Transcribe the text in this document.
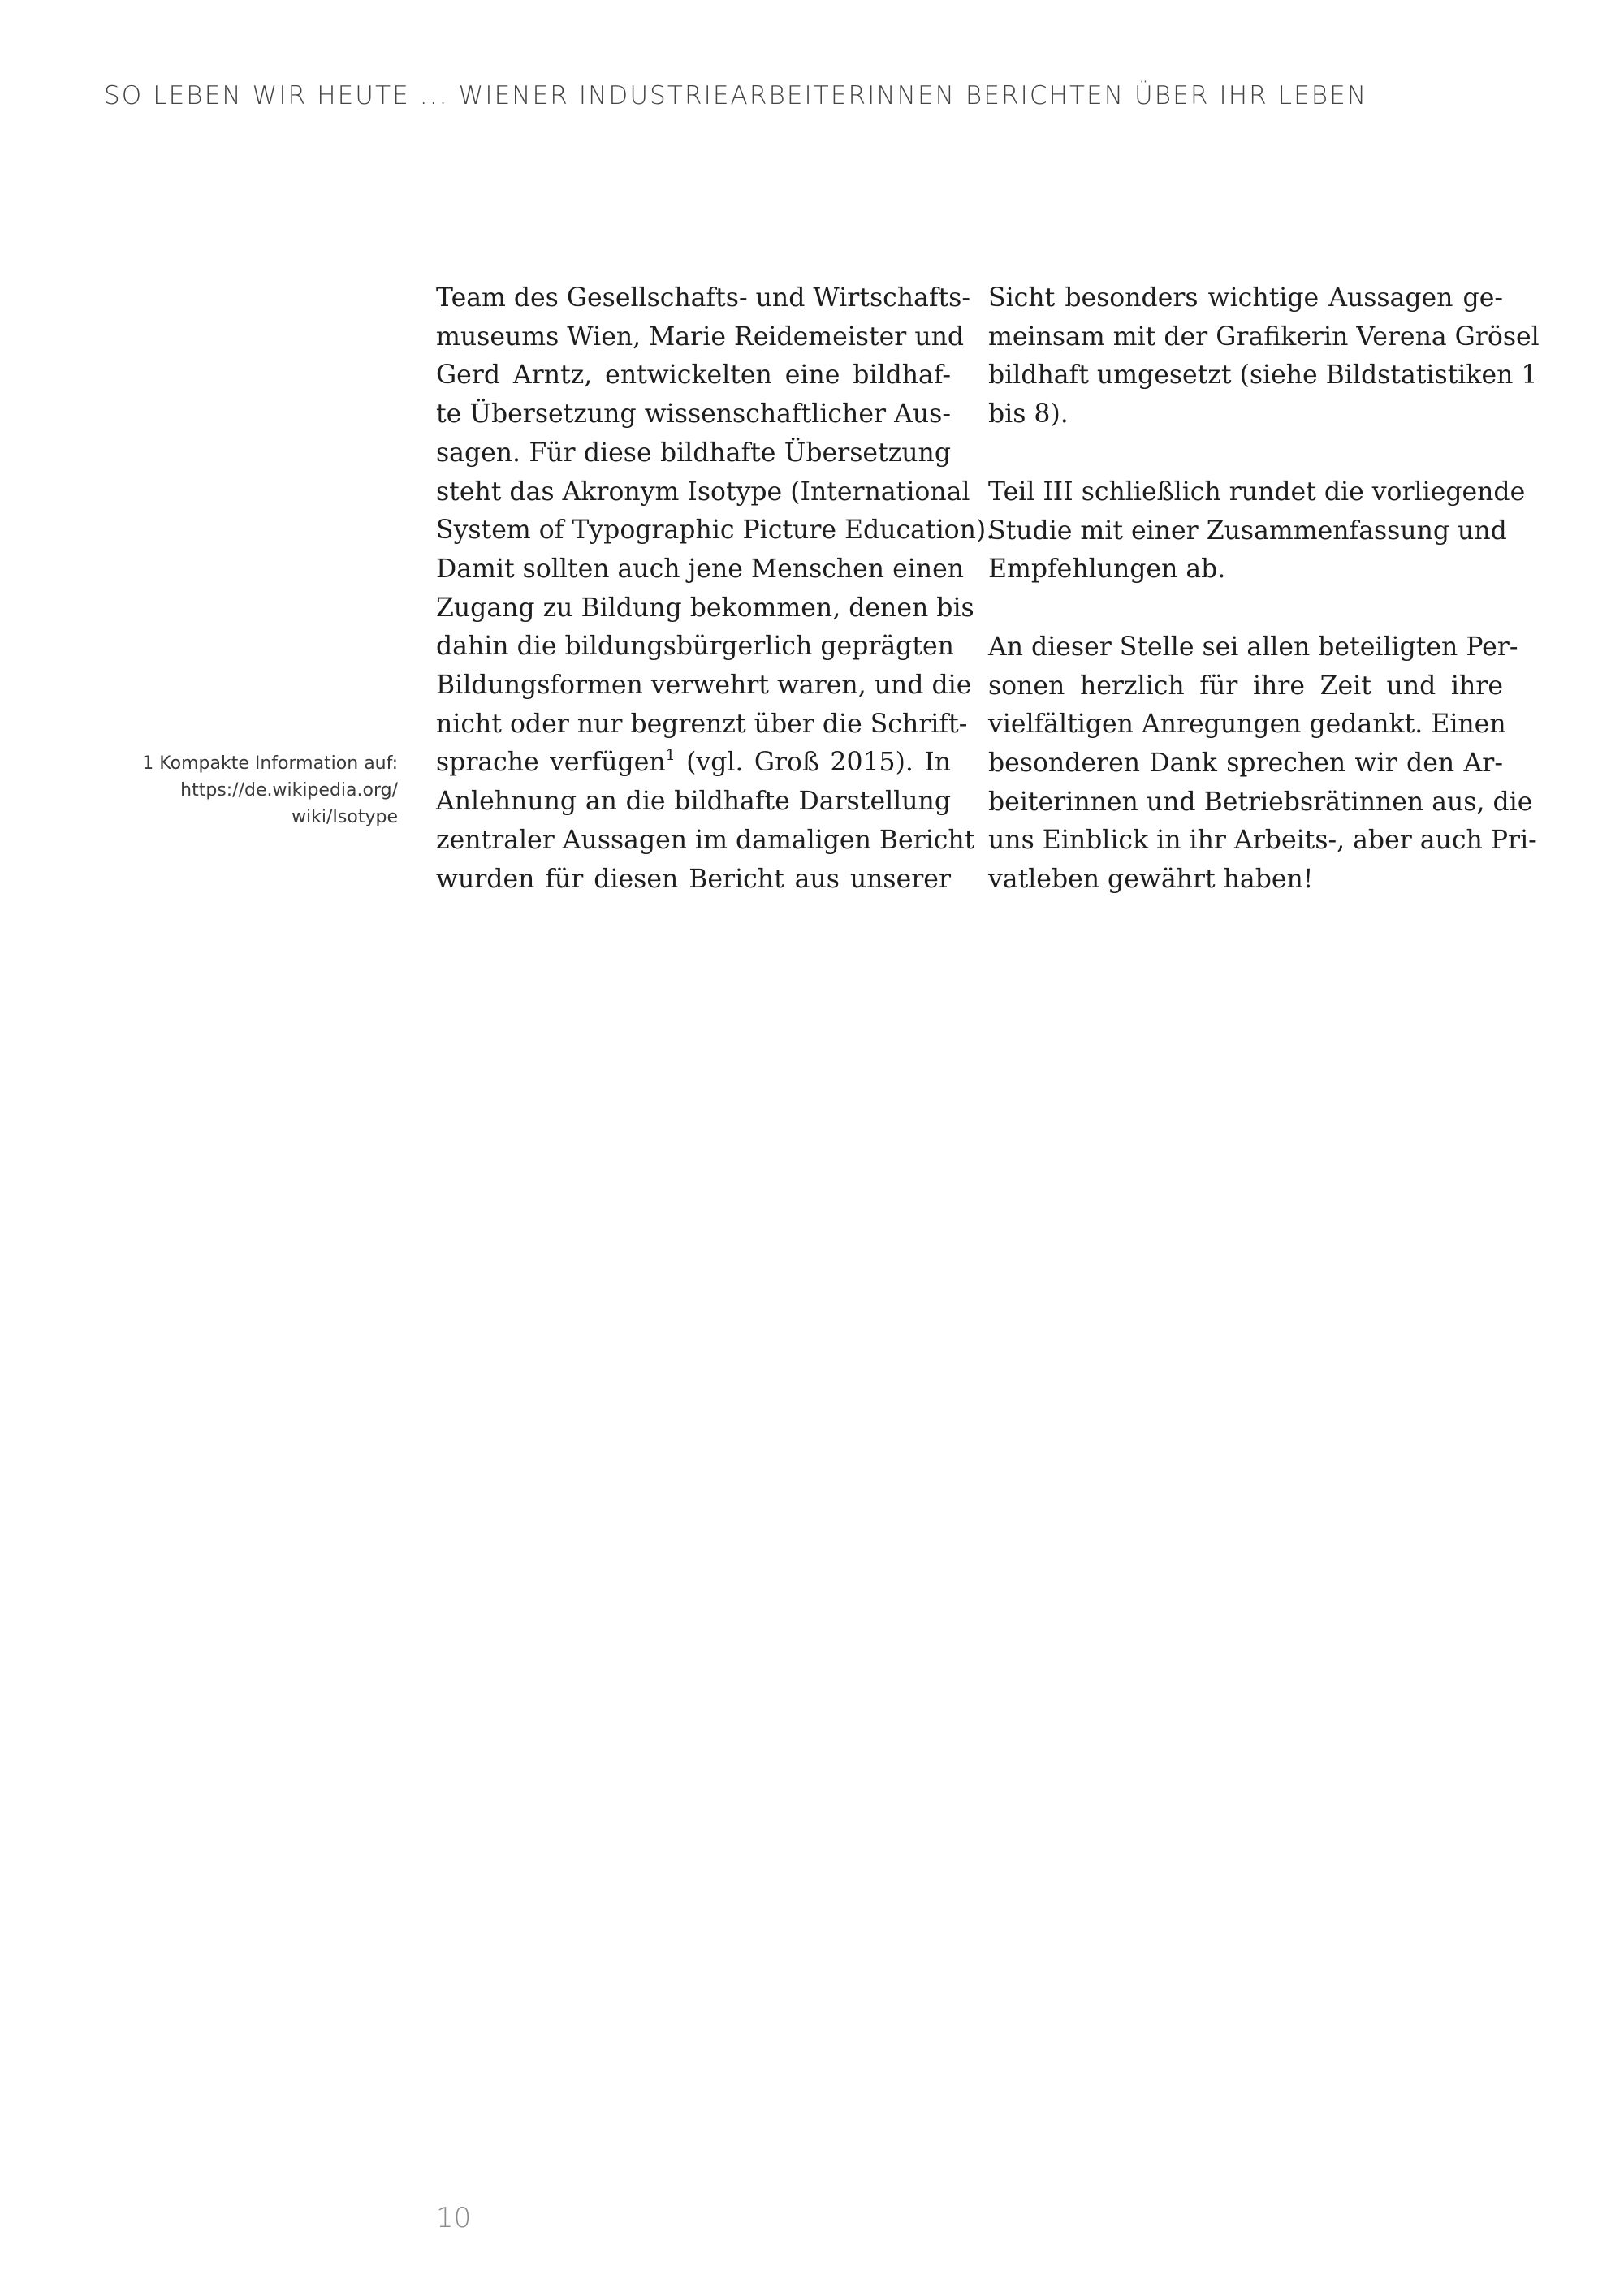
SO LEBEN WIR HEUTE ... WIENER INDUSTRIEARBEITERINNEN BERICHTEN ÜBER IHR LEBEN
1 Kompakte Information auf:
https://de.wikipedia.org/
wiki/Isotype

Team des Gesellschafts- und Wirtschafts-
museums Wien, Marie Reidemeister und
Gerd Arntz, entwickelten eine bildhaf-
te Übersetzung wissenschaftlicher Aus-
sagen. Für diese bildhafte Übersetzung
steht das Akronym Isotype (International
System of Typographic Picture Education).
Damit sollten auch jene Menschen einen
Zugang zu Bildung bekommen, denen bis
dahin die bildungsbürgerlich geprägten
Bildungsformen verwehrt waren, und die
nicht oder nur begrenzt über die Schrift-
sprache verfügen$^1$ (vgl. Groß 2015). In
Anlehnung an die bildhafte Darstellung
zentraler Aussagen im damaligen Bericht
wurden für diesen Bericht aus unserer

Sicht besonders wichtige Aussagen ge-
meinsam mit der Grafikerin Verena Grösel
bildhaft umgesetzt (siehe Bildstatistiken 1
bis 8).

Teil III schließlich rundet die vorliegende
Studie mit einer Zusammenfassung und
Empfehlungen ab.

An dieser Stelle sei allen beteiligten Per-
sonen herzlich für ihre Zeit und ihre
vielfältigen Anregungen gedankt. Einen
besonderen Dank sprechen wir den Ar-
beiterinnen und Betriebsrätinnen aus, die
uns Einblick in ihr Arbeits-, aber auch Pri-
vatleben gewährt haben!

10
